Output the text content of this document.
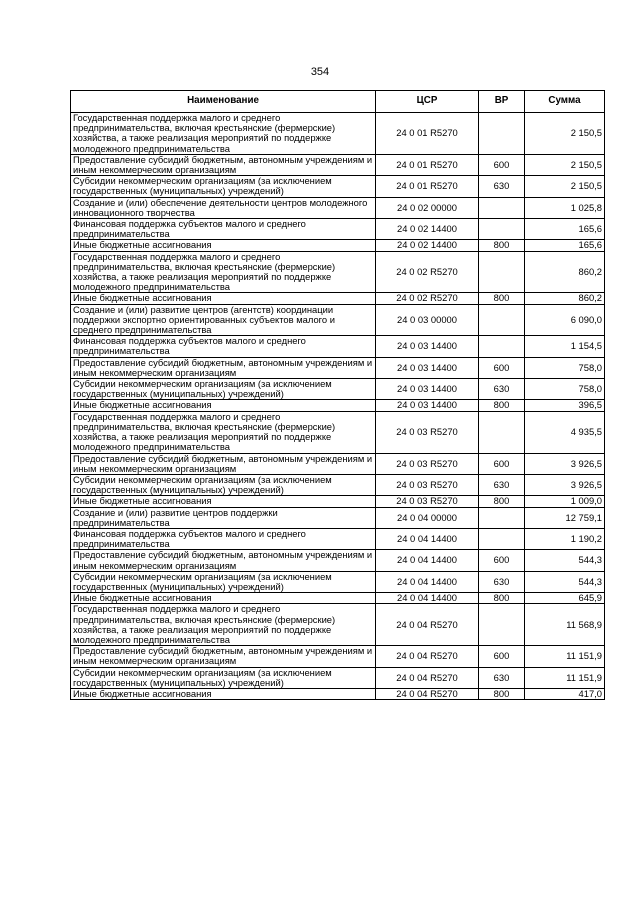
354
Наименование	ЦСР	ВР	Сумма
Государственная поддержка малого и среднего предпринимательства, включая крестьянские (фермерские) хозяйства, а также реализация мероприятий по поддержке молодежного предпринимательства	24 0 01 R5270		2 150,5
Предоставление субсидий бюджетным, автономным учреждениям и иным некоммерческим организациям	24 0 01 R5270	600	2 150,5
Субсидии некоммерческим организациям (за исключением государственных (муниципальных) учреждений)	24 0 01 R5270	630	2 150,5
Создание и (или) обеспечение деятельности центров молодежного инновационного творчества	24 0 02 00000		1 025,8
Финансовая поддержка субъектов малого и среднего предпринимательства	24 0 02 14400		165,6
Иные бюджетные ассигнования	24 0 02 14400	800	165,6
Государственная поддержка малого и среднего предпринимательства, включая крестьянские (фермерские) хозяйства, а также реализация мероприятий по поддержке молодежного предпринимательства	24 0 02 R5270		860,2
Иные бюджетные ассигнования	24 0 02 R5270	800	860,2
Создание и (или) развитие центров (агентств) координации поддержки экспортно ориентированных субъектов малого и среднего предпринимательства	24 0 03 00000		6 090,0
Финансовая поддержка субъектов малого и среднего предпринимательства	24 0 03 14400		1 154,5
Предоставление субсидий бюджетным, автономным учреждениям и иным некоммерческим организациям	24 0 03 14400	600	758,0
Субсидии некоммерческим организациям (за исключением государственных (муниципальных) учреждений)	24 0 03 14400	630	758,0
Иные бюджетные ассигнования	24 0 03 14400	800	396,5
Государственная поддержка малого и среднего предпринимательства, включая крестьянские (фермерские) хозяйства, а также реализация мероприятий по поддержке молодежного предпринимательства	24 0 03 R5270		4 935,5
Предоставление субсидий бюджетным, автономным учреждениям и иным некоммерческим организациям	24 0 03 R5270	600	3 926,5
Субсидии некоммерческим организациям (за исключением государственных (муниципальных) учреждений)	24 0 03 R5270	630	3 926,5
Иные бюджетные ассигнования	24 0 03 R5270	800	1 009,0
Создание и (или) развитие центров поддержки предпринимательства	24 0 04 00000		12 759,1
Финансовая поддержка субъектов малого и среднего предпринимательства	24 0 04 14400		1 190,2
Предоставление субсидий бюджетным, автономным учреждениям и иным некоммерческим организациям	24 0 04 14400	600	544,3
Субсидии некоммерческим организациям (за исключением государственных (муниципальных) учреждений)	24 0 04 14400	630	544,3
Иные бюджетные ассигнования	24 0 04 14400	800	645,9
Государственная поддержка малого и среднего предпринимательства, включая крестьянские (фермерские) хозяйства, а также реализация мероприятий по поддержке молодежного предпринимательства	24 0 04 R5270		11 568,9
Предоставление субсидий бюджетным, автономным учреждениям и иным некоммерческим организациям	24 0 04 R5270	600	11 151,9
Субсидии некоммерческим организациям (за исключением государственных (муниципальных) учреждений)	24 0 04 R5270	630	11 151,9
Иные бюджетные ассигнования	24 0 04 R5270	800	417,0
